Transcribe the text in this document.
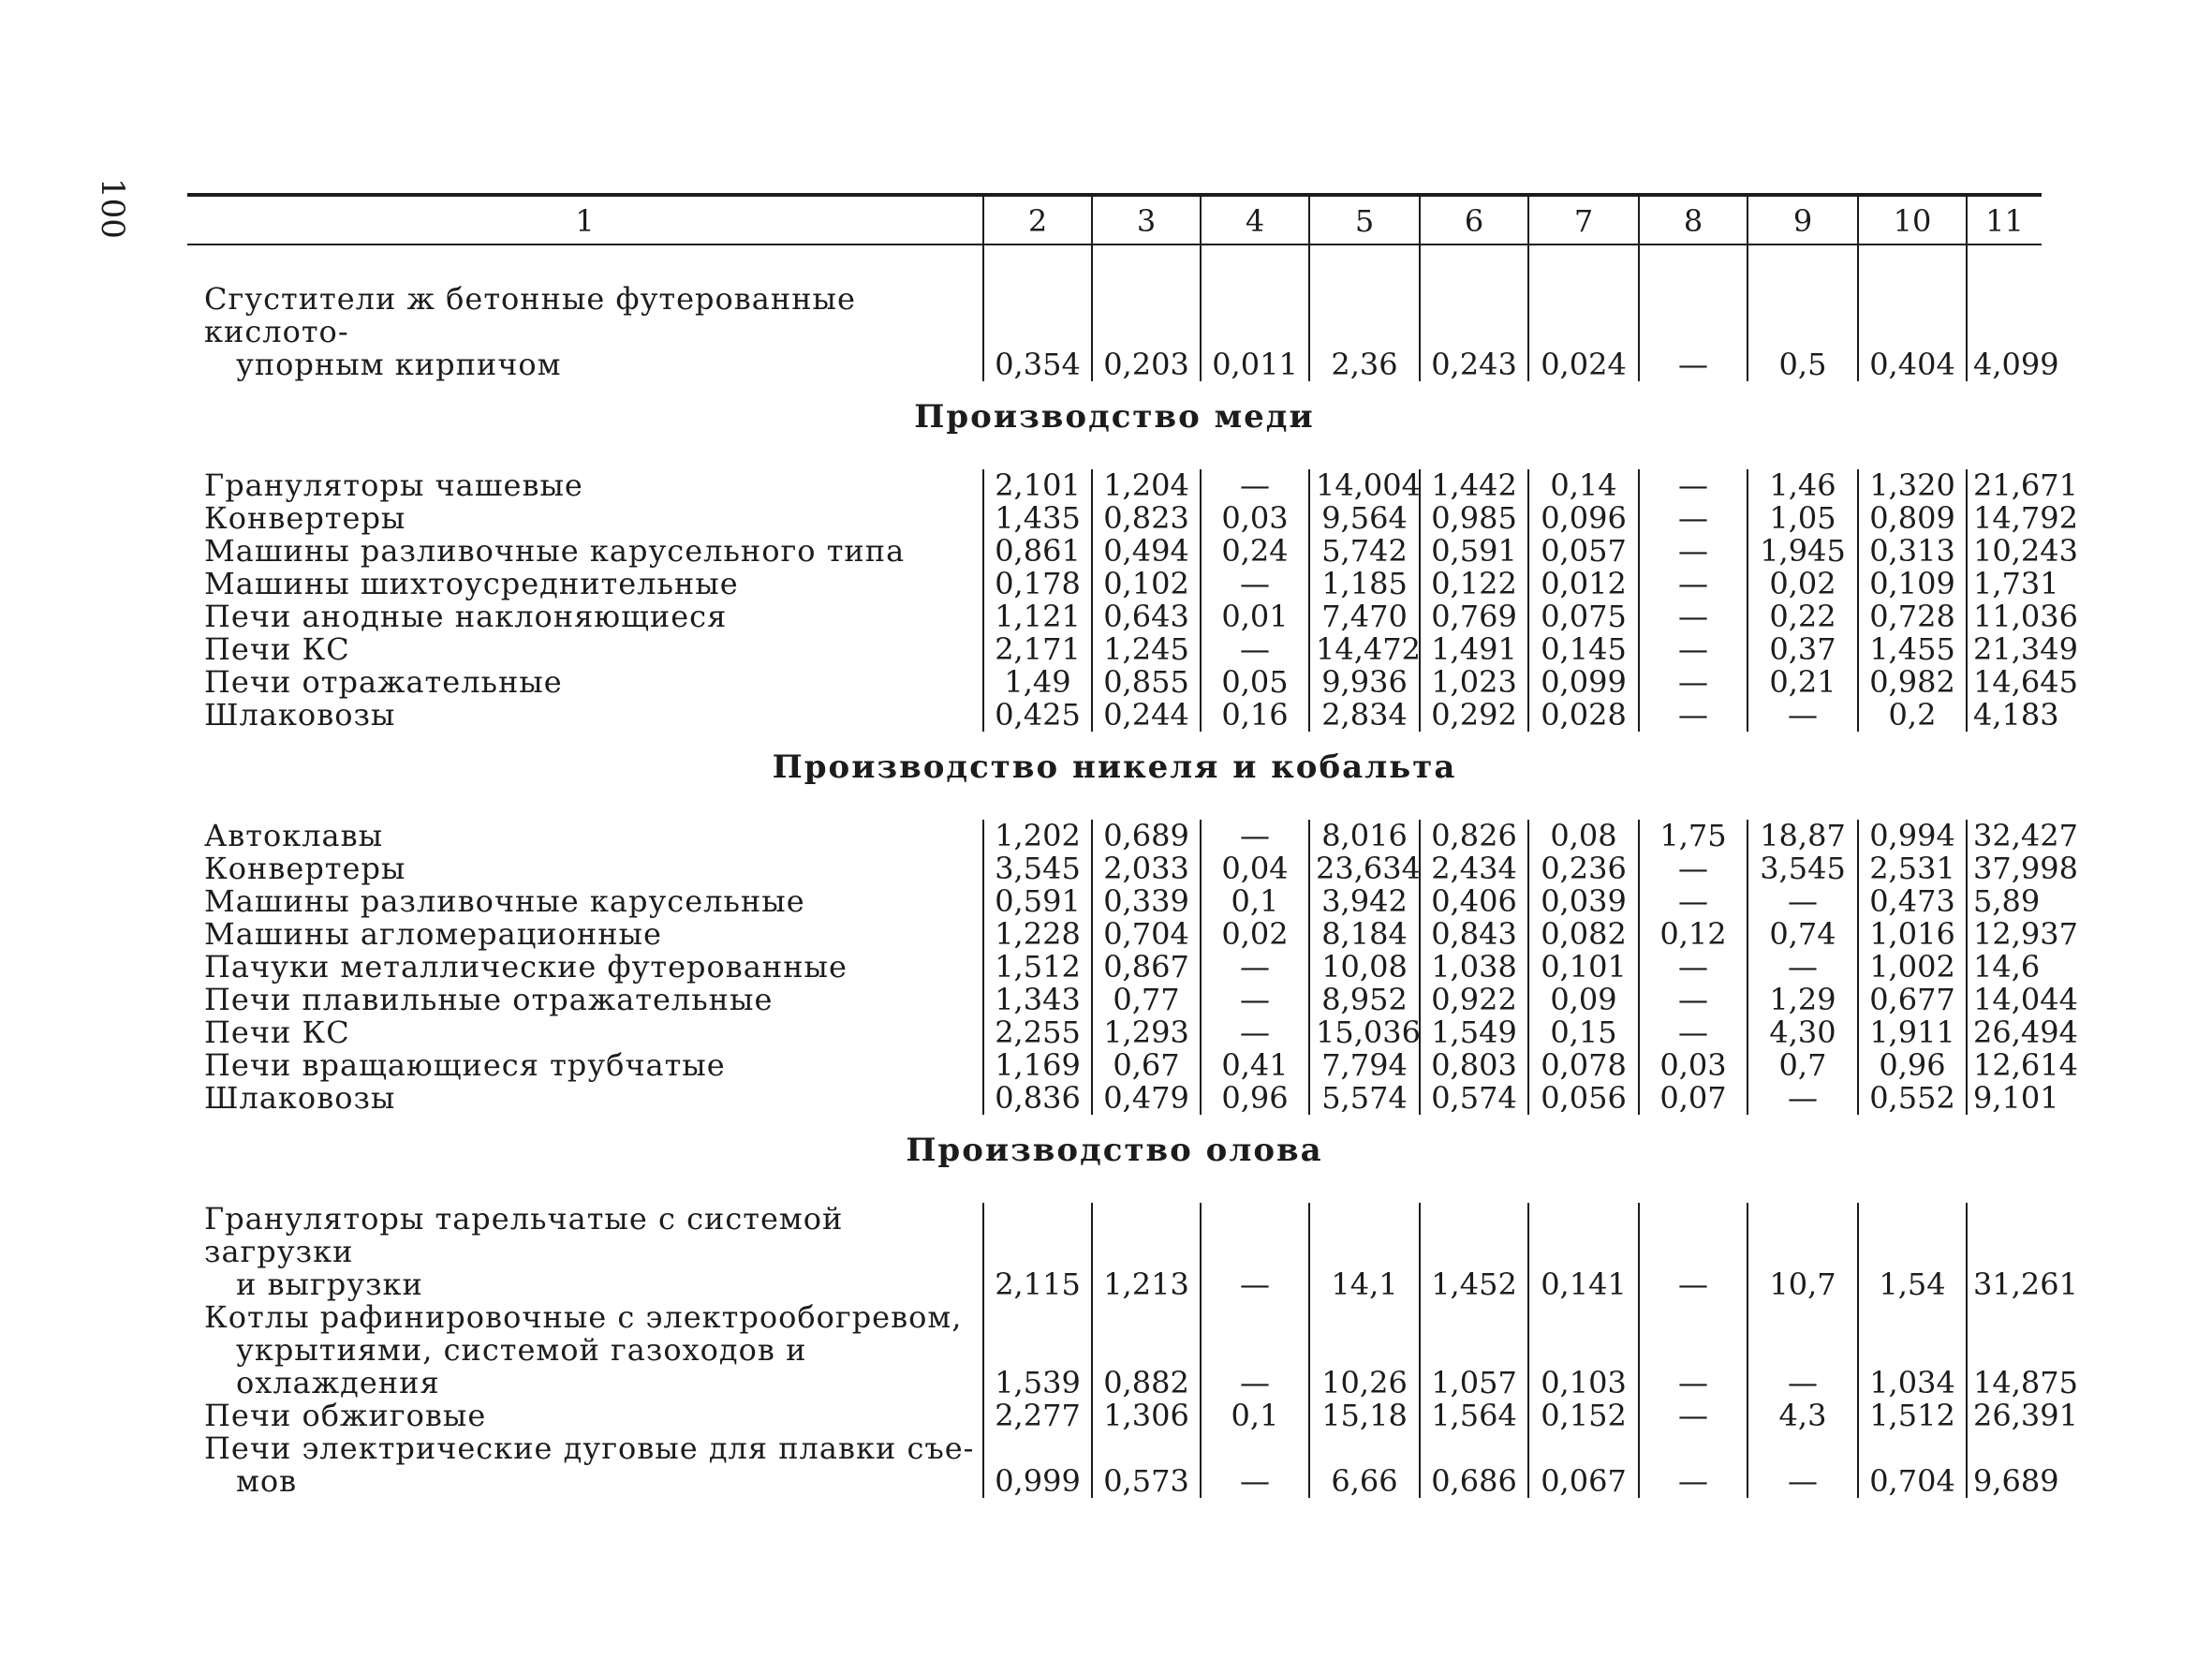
100	1	2	3	4	5	6	7	8	9	10	11

Сгустители ж бетонные футерованные кислото-
упорным кирпичом	0,354	0,203	0,011	2,36	0,243	0,024	—	0,5	0,404	4,099
Производство меди										

Грануляторы чашевые	2,101	1,204	—	14,004	1,442	0,14	—	1,46	1,320	21,671

Конвертеры	1,435	0,823	0,03	9,564	0,985	0,096	—	1,05	0,809	14,792

Машины разливочные карусельного типа	0,861	0,494	0,24	5,742	0,591	0,057	—	1,945	0,313	10,243

Машины шихтоусреднительные	0,178	0,102	—	1,185	0,122	0,012	—	0,02	0,109	1,731

Печи анодные наклоняющиеся	1,121	0,643	0,01	7,470	0,769	0,075	—	0,22	0,728	11,036

Печи КС	2,171	1,245	—	14,472	1,491	0,145	—	0,37	1,455	21,349

Печи отражательные	1,49	0,855	0,05	9,936	1,023	0,099	—	0,21	0,982	14,645

Шлаковозы	0,425	0,244	0,16	2,834	0,292	0,028	—	—	0,2	4,183
Производство никеля и кобальта										

Автоклавы	1,202	0,689	—	8,016	0,826	0,08	1,75	18,87	0,994	32,427

Конвертеры	3,545	2,033	0,04	23,634	2,434	0,236	—	3,545	2,531	37,998

Машины разливочные карусельные	0,591	0,339	0,1	3,942	0,406	0,039	—	—	0,473	5,89

Машины агломерационные	1,228	0,704	0,02	8,184	0,843	0,082	0,12	0,74	1,016	12,937

Пачуки металлические футерованные	1,512	0,867	—	10,08	1,038	0,101	—	—	1,002	14,6

Печи плавильные отражательные	1,343	0,77	—	8,952	0,922	0,09	—	1,29	0,677	14,044

Печи КС	2,255	1,293	—	15,036	1,549	0,15	—	4,30	1,911	26,494

Печи вращающиеся трубчатые	1,169	0,67	0,41	7,794	0,803	0,078	0,03	0,7	0,96	12,614

Шлаковозы	0,836	0,479	0,96	5,574	0,574	0,056	0,07	—	0,552	9,101
Производство олова										

Грануляторы тарельчатые с системой загрузки
и выгрузки	2,115	1,213	—	14,1	1,452	0,141	—	10,7	1,54	31,261

Котлы рафинировочные с электрообогревом,
укрытиями, системой газоходов и охлаждения	1,539	0,882	—	10,26	1,057	0,103	—	—	1,034	14,875

Печи обжиговые	2,277	1,306	0,1	15,18	1,564	0,152	—	4,3	1,512	26,391

Печи электрические дуговые для плавки съе-
мов	0,999	0,573	—	6,66	0,686	0,067	—	—	0,704	9,689
